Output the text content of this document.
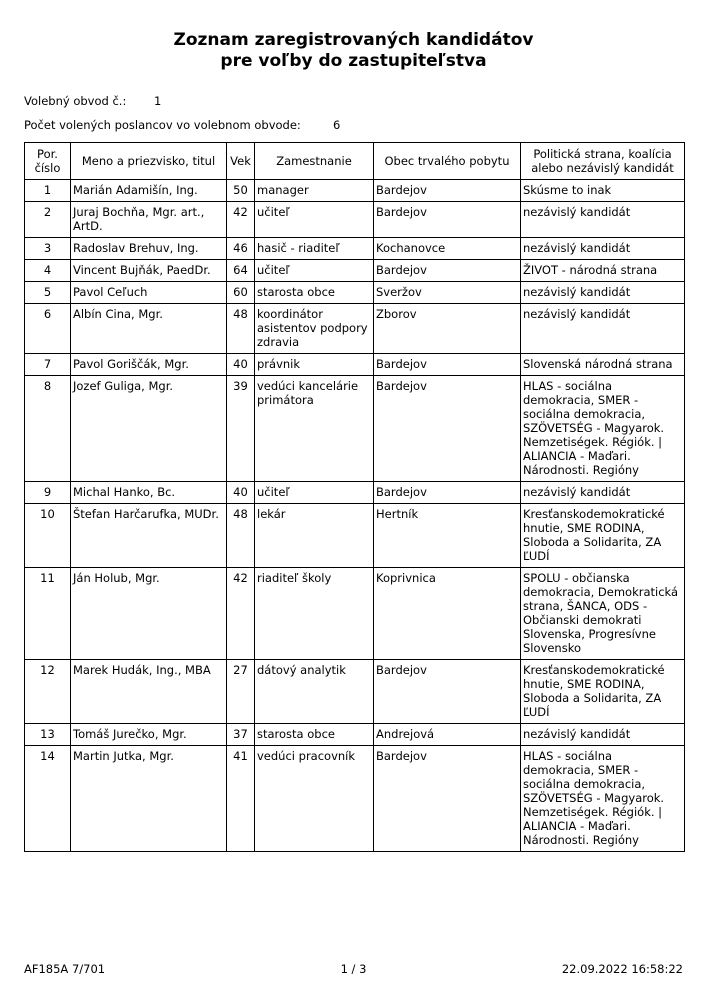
Zoznam zaregistrovaných kandidátov
pre voľby do zastupiteľstva
Volebný obvod č.: 1
Počet volených poslancov vo volebnom obvode:	6
Por. číslo	Meno a priezvisko, titul	Vek	Zamestnanie	Obec trvalého pobytu	Politická strana, koalícia alebo nezávislý kandidát
1	Marián Adamišín, Ing.	50	manager	Bardejov	Skúsme to inak
2	Juraj Bochňa, Mgr. art., ArtD.	42	učiteľ	Bardejov	nezávislý kandidát
3	Radoslav Brehuv, Ing.	46	hasič - riaditeľ	Kochanovce	nezávislý kandidát
4	Vincent Bujňák, PaedDr.	64	učiteľ	Bardejov	ŽIVOT - národná strana
5	Pavol Ceľuch	60	starosta obce	Sveržov	nezávislý kandidát
6	Albín Cina, Mgr.	48	koordinátor asistentov podpory zdravia	Zborov	nezávislý kandidát
7	Pavol Goriščák, Mgr.	40	právnik	Bardejov	Slovenská národná strana
8	Jozef Guliga, Mgr.	39	vedúci kancelárie primátora	Bardejov	HLAS - sociálna demokracia, SMER - sociálna demokracia, SZÖVETSÉG - Magyarok. Nemzetiségek. Régiók. | ALIANCIA - Maďari. Národnosti. Regióny
9	Michal Hanko, Bc.	40	učiteľ	Bardejov	nezávislý kandidát
10	Štefan Harčarufka, MUDr.	48	lekár	Hertník	Kresťanskodemokratické hnutie, SME RODINA, Sloboda a Solidarita, ZA ĽUDÍ
11	Ján Holub, Mgr.	42	riaditeľ školy	Koprivnica	SPOLU - občianska demokracia, Demokratická strana, ŠANCA, ODS - Občianski demokrati Slovenska, Progresívne Slovensko
12	Marek Hudák, Ing., MBA	27	dátový analytik	Bardejov	Kresťanskodemokratické hnutie, SME RODINA, Sloboda a Solidarita, ZA ĽUDÍ
13	Tomáš Jurečko, Mgr.	37	starosta obce	Andrejová	nezávislý kandidát
14	Martin Jutka, Mgr.	41	vedúci pracovník	Bardejov	HLAS - sociálna demokracia, SMER - sociálna demokracia, SZÖVETSÉG - Magyarok. Nemzetiségek. Régiók. | ALIANCIA - Maďari. Národnosti. Regióny
AF185A 7/701	1 / 3	22.09.2022 16:58:22
